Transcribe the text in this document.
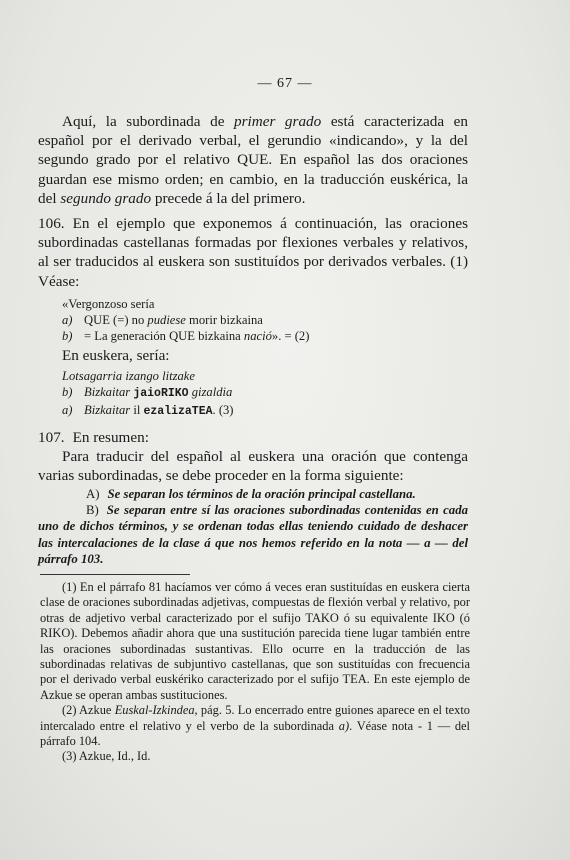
— 67 —

Aquí, la subordinada de primer grado está caracterizada en español por el derivado verbal, el gerundio «indicando», y la del segundo grado por el relativo QUE. En español las dos oraciones guardan ese mismo orden; en cambio, en la traducción euskérica, la del segundo grado precede á la del primero.

106. En el ejemplo que exponemos á continuación, las oraciones subordinadas castellanas formadas por flexiones verbales y relativos, al ser traducidos al euskera son sustituídos por derivados verbales. (1) Véase:

«Vergonzoso sería
a) QUE (=) no pudiese morir bizkaina
b) = La generación QUE bizkaina nació». = (2)
En euskera, sería:
Lotsagarria izango litzake
b) Bizkaitar jaioRIKO gizaldia
a) Bizkaitar il ezalizaTEA. (3)

107. En resumen:

Para traducir del español al euskera una oración que contenga varias subordinadas, se debe proceder en la forma siguiente:

A) Se separan los términos de la oración principal castellana.

B) Se separan entre sí las oraciones subordinadas contenidas en cada uno de dichos términos, y se ordenan todas ellas teniendo cuidado de deshacer las intercalaciones de la clase á que nos hemos referido en la nota — a — del párrafo 103.

(1) En el párrafo 81 hacíamos ver cómo á veces eran sustituídas en euskera cierta clase de oraciones subordinadas adjetivas, compuestas de flexión verbal y relativo, por otras de adjetivo verbal caracterizado por el sufijo TAKO ó su equivalente IKO (ó RIKO). Debemos añadir ahora que una sustitución parecida tiene lugar también entre las oraciones subordinadas sustantivas. Ello ocurre en la traducción de las subordinadas relativas de subjuntivo castellanas, que son sustituídas con frecuencia por el derivado verbal euskériko caracterizado por el sufijo TEA. En este ejemplo de Azkue se operan ambas sustituciones.

(2) Azkue Euskal-Izkindea, pág. 5. Lo encerrado entre guiones aparece en el texto intercalado entre el relativo y el verbo de la subordinada a). Véase nota - 1 — del párrafo 104.

(3) Azkue, Id., Id.
